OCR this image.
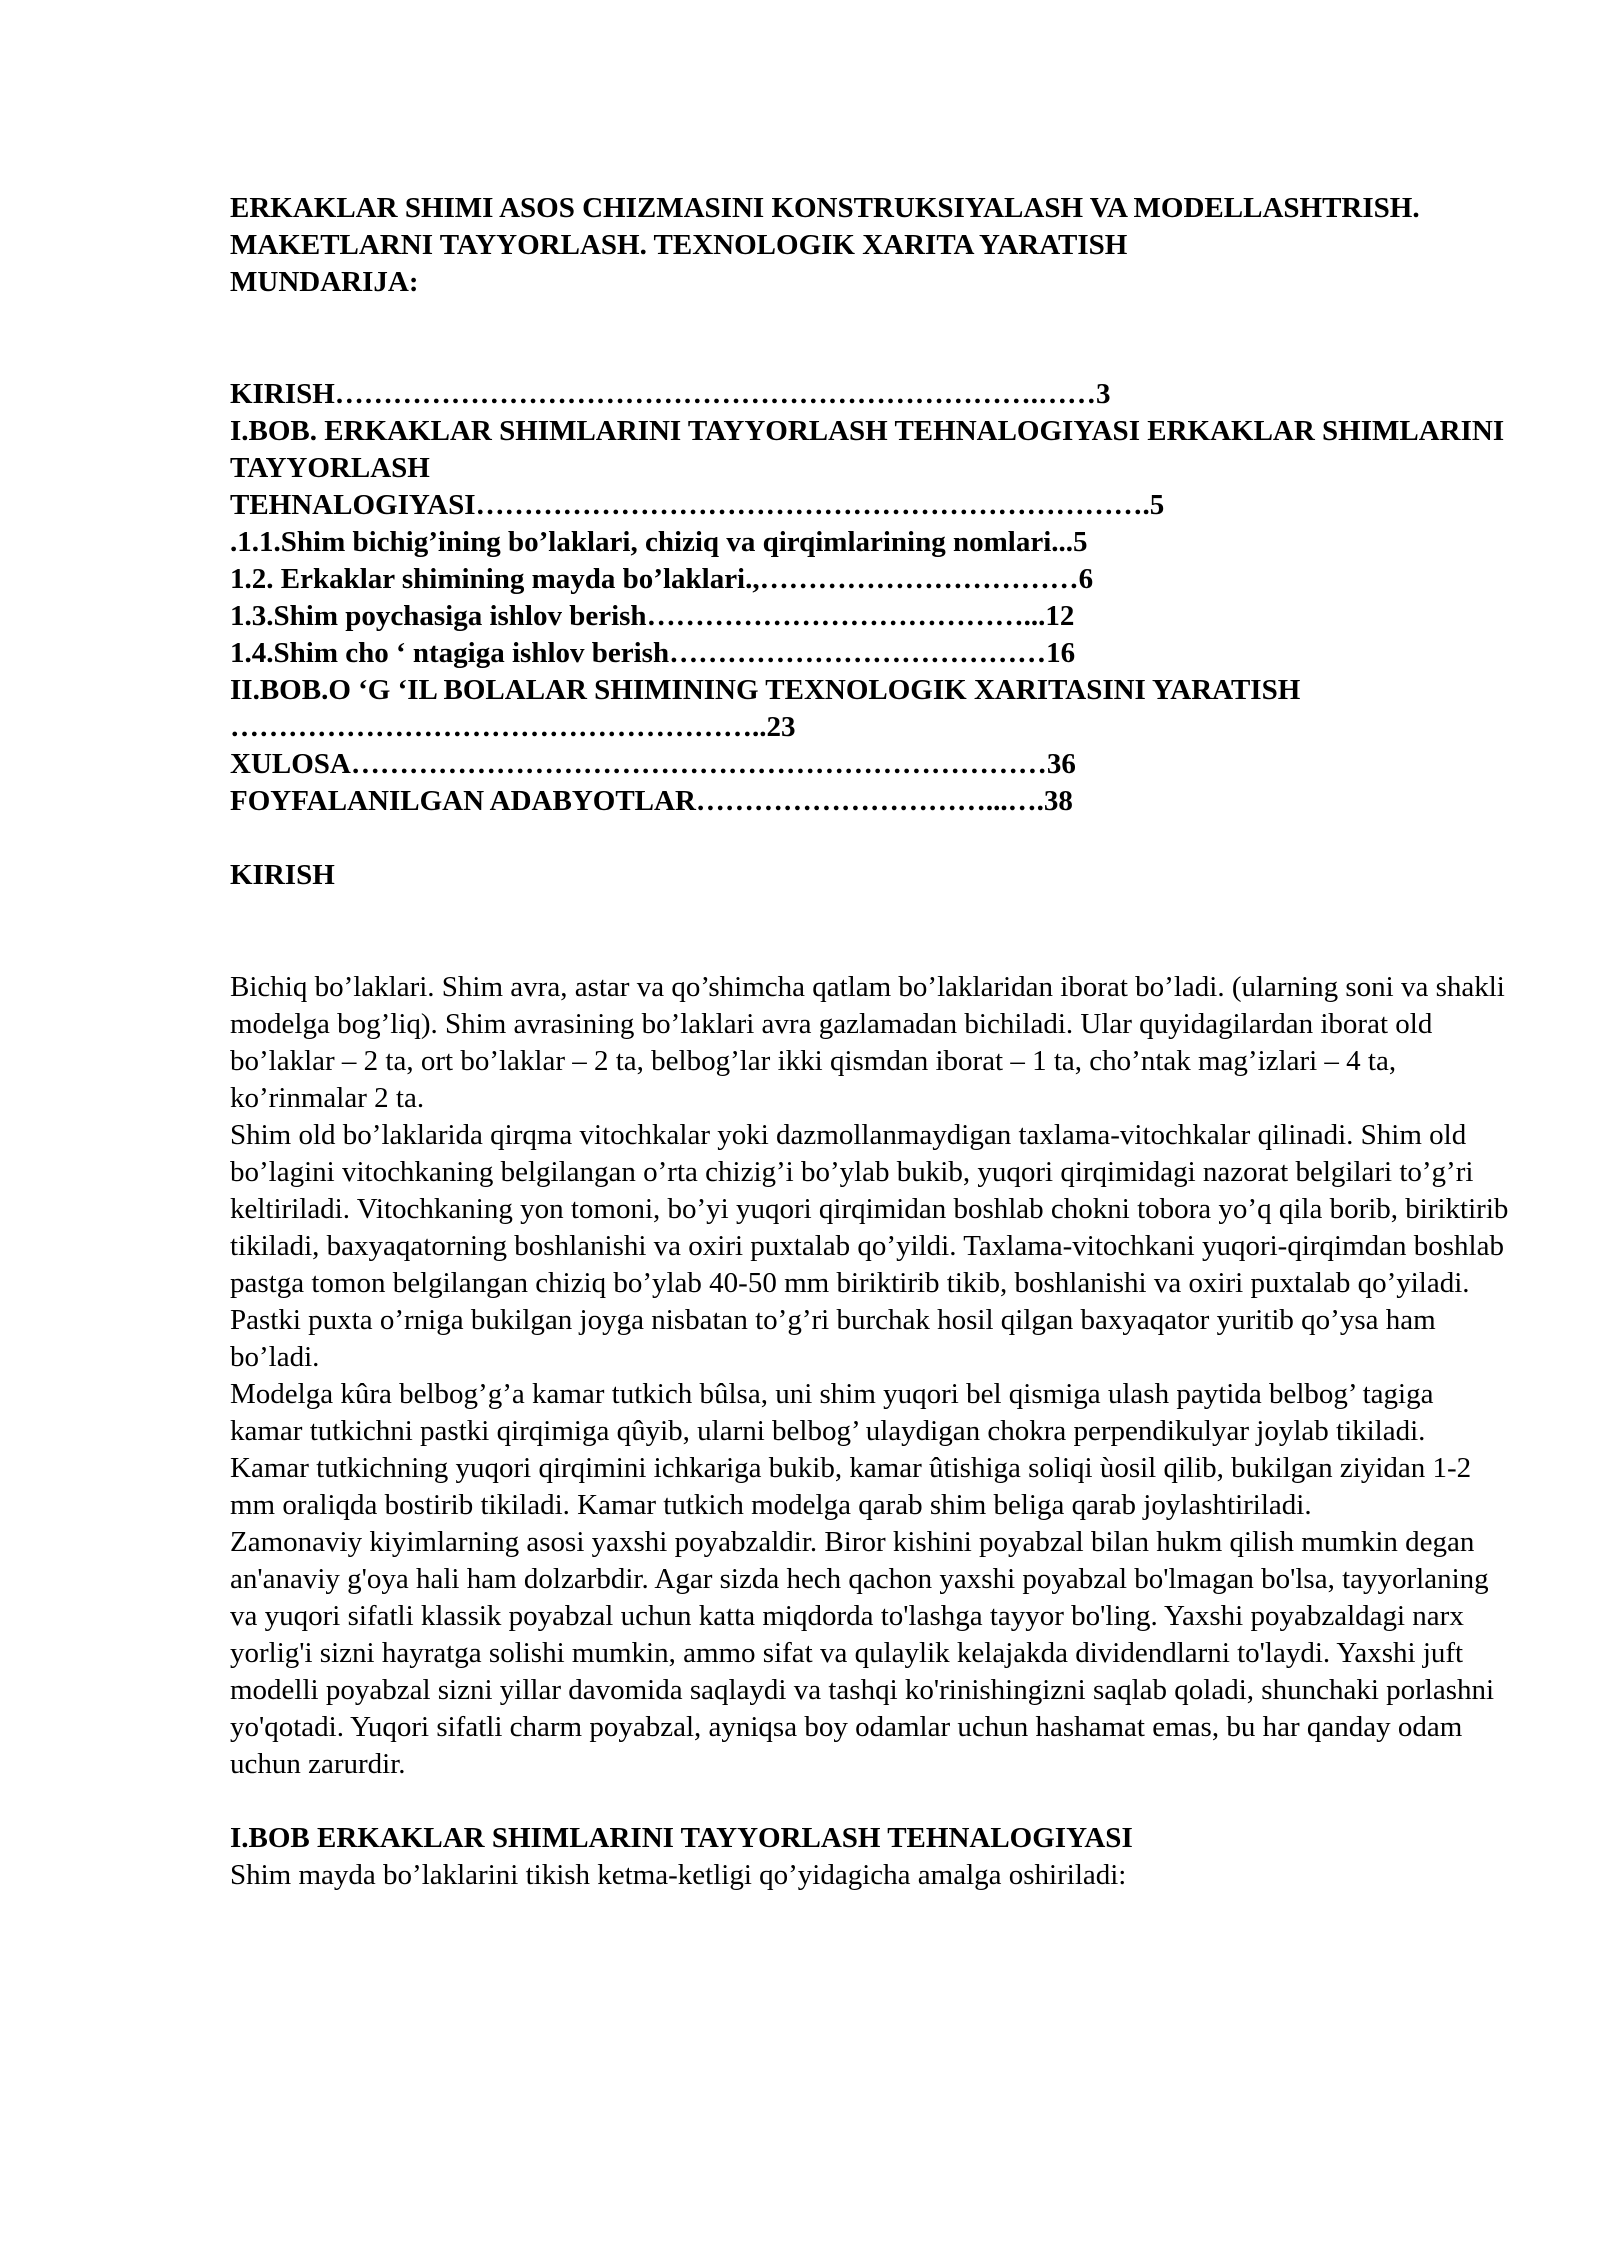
ERKAKLAR SHIMI ASOS CHIZMASINI KONSTRUKSIYALASH VA MODELLASHTRISH. MAKETLARNI TAYYORLASH. TEXNOLOGIK XARITA YARATISH

MUNDARIJA:

KIRISH……………………………………………………………….……3

I.BOB. ERKAKLAR SHIMLARINI TAYYORLASH TEHNALOGIYASI ERKAKLAR SHIMLARINI TAYYORLASH

TEHNALOGIYASI…………………………………………………………….5

.1.1.Shim bichig’ining bo’laklari, chiziq va qirqimlarining nomlari...5

1.2. Erkaklar shimining mayda bo’laklari.,……………………………6

1.3.Shim poychasiga ishlov berish…………………………………...12

1.4.Shim cho ‘ ntagiga ishlov berish…………………………………16

II.BOB.O ‘G ‘IL BOLALAR SHIMINING TEXNOLOGIK XARITASINI YARATISH ………………………………………………..23

XULOSA………………………………………………………………36

FOYFALANILGAN ADABYOTLAR…………………………...….38

KIRISH

Bichiq bo’laklari. Shim avra, astar va qo’shimcha qatlam bo’laklaridan iborat bo’ladi. (ularning soni va shakli modelga bog’liq). Shim avrasining bo’laklari avra gazlamadan bichiladi. Ular quyidagilardan iborat old bo’laklar – 2 ta, ort bo’laklar – 2 ta, belbog’lar ikki qismdan iborat – 1 ta, cho’ntak mag’izlari – 4 ta, ko’rinmalar 2 ta.

Shim old bo’laklarida qirqma vitochkalar yoki dazmollanmaydigan taxlama-vitochkalar qilinadi. Shim old bo’lagini vitochkaning belgilangan o’rta chizig’i bo’ylab bukib, yuqori qirqimidagi nazorat belgilari to’g’ri keltiriladi. Vitochkaning yon tomoni, bo’yi yuqori qirqimidan boshlab chokni tobora yo’q qila borib, biriktirib tikiladi, baxyaqatorning boshlanishi va oxiri puxtalab qo’yildi. Taxlama-vitochkani yuqori-qirqimdan boshlab pastga tomon belgilangan chiziq bo’ylab 40-50 mm biriktirib tikib, boshlanishi va oxiri puxtalab qo’yiladi. Pastki puxta o’rniga bukilgan joyga nisbatan to’g’ri burchak hosil qilgan baxyaqator yuritib qo’ysa ham bo’ladi.

Modelga kûra belbog’g’a kamar tutkich bûlsa, uni shim yuqori bel qismiga ulash paytida belbog’ tagiga kamar tutkichni pastki qirqimiga qûyib, ularni belbog’ ulaydigan chokra perpendikulyar joylab tikiladi. Kamar tutkichning yuqori qirqimini ichkariga bukib, kamar ûtishiga soliqi ùosil qilib, bukilgan ziyidan 1-2 mm oraliqda bostirib tikiladi. Kamar tutkich modelga qarab shim beliga qarab joylashtiriladi.

Zamonaviy kiyimlarning asosi yaxshi poyabzaldir. Biror kishini poyabzal bilan hukm qilish mumkin degan an'anaviy g'oya hali ham dolzarbdir. Agar sizda hech qachon yaxshi poyabzal bo'lmagan bo'lsa, tayyorlaning va yuqori sifatli klassik poyabzal uchun katta miqdorda to'lashga tayyor bo'ling. Yaxshi poyabzaldagi narx yorlig'i sizni hayratga solishi mumkin, ammo sifat va qulaylik kelajakda dividendlarni to'laydi. Yaxshi juft modelli poyabzal sizni yillar davomida saqlaydi va tashqi ko'rinishingizni saqlab qoladi, shunchaki porlashni yo'qotadi. Yuqori sifatli charm poyabzal, ayniqsa boy odamlar uchun hashamat emas, bu har qanday odam uchun zarurdir.

I.BOB ERKAKLAR SHIMLARINI TAYYORLASH TEHNALOGIYASI

Shim mayda bo’laklarini tikish ketma-ketligi qo’yidagicha amalga oshiriladi:
